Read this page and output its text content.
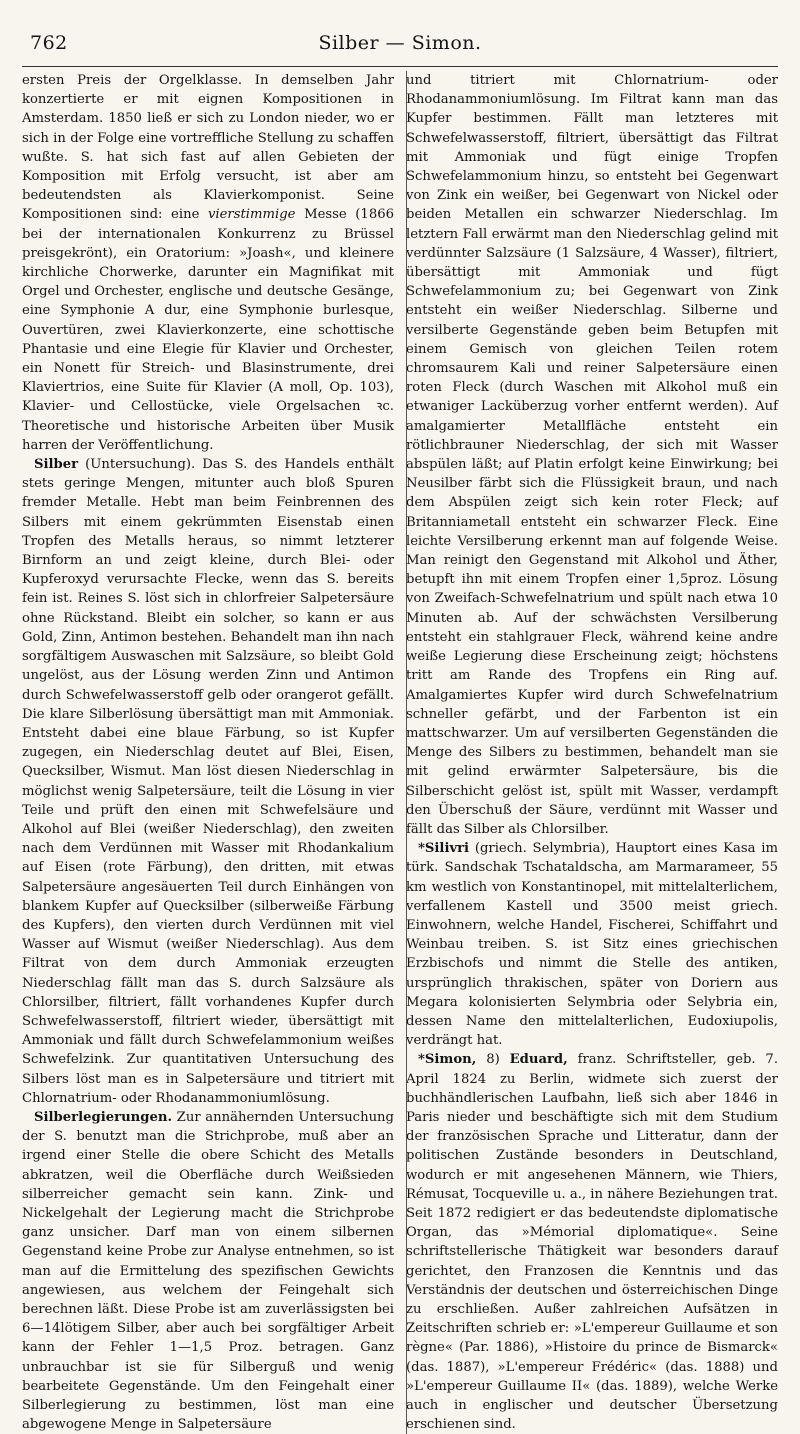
762	Silber — Simon.

ersten Preis der Orgelklasse. In demselben Jahr konzertierte er mit eignen Kompositionen in Amsterdam. 1850 ließ er sich zu London nieder, wo er sich in der Folge eine vortreffliche Stellung zu schaffen wußte. S. hat sich fast auf allen Gebieten der Komposition mit Erfolg versucht, ist aber am bedeutendsten als Klavierkomponist. Seine Kompositionen sind: eine vierstimmige Messe (1866 bei der internationalen Konkurrenz zu Brüssel preisgekrönt), ein Oratorium: »Joash«, und kleinere kirchliche Chorwerke, darunter ein Magnifikat mit Orgel und Orchester, englische und deutsche Gesänge, eine Symphonie A dur, eine Symphonie burlesque, Ouvertüren, zwei Klavierkonzerte, eine schottische Phantasie und eine Elegie für Klavier und Orchester, ein Nonett für Streich- und Blasinstrumente, drei Klaviertrios, eine Suite für Klavier (A moll, Op. 103), Klavier- und Cellostücke, viele Orgelsachen ꝛc. Theoretische und historische Arbeiten über Musik harren der Veröffentlichung.

Silber (Untersuchung). Das S. des Handels enthält stets geringe Mengen, mitunter auch bloß Spuren fremder Metalle. Hebt man beim Feinbrennen des Silbers mit einem gekrümmten Eisenstab einen Tropfen des Metalls heraus, so nimmt letzterer Birnform an und zeigt kleine, durch Blei- oder Kupferoxyd verursachte Flecke, wenn das S. bereits fein ist. Reines S. löst sich in chlorfreier Salpetersäure ohne Rückstand. Bleibt ein solcher, so kann er aus Gold, Zinn, Antimon bestehen. Behandelt man ihn nach sorgfältigem Auswaschen mit Salzsäure, so bleibt Gold ungelöst, aus der Lösung werden Zinn und Antimon durch Schwefelwasserstoff gelb oder orangerot gefällt. Die klare Silberlösung übersättigt man mit Ammoniak. Entsteht dabei eine blaue Färbung, so ist Kupfer zugegen, ein Niederschlag deutet auf Blei, Eisen, Quecksilber, Wismut. Man löst diesen Niederschlag in möglichst wenig Salpetersäure, teilt die Lösung in vier Teile und prüft den einen mit Schwefelsäure und Alkohol auf Blei (weißer Niederschlag), den zweiten nach dem Verdünnen mit Wasser mit Rhodankalium auf Eisen (rote Färbung), den dritten, mit etwas Salpetersäure angesäuerten Teil durch Einhängen von blankem Kupfer auf Quecksilber (silberweiße Färbung des Kupfers), den vierten durch Verdünnen mit viel Wasser auf Wismut (weißer Niederschlag). Aus dem Filtrat von dem durch Ammoniak erzeugten Niederschlag fällt man das S. durch Salzsäure als Chlorsilber, filtriert, fällt vorhandenes Kupfer durch Schwefelwasserstoff, filtriert wieder, übersättigt mit Ammoniak und fällt durch Schwefelammonium weißes Schwefelzink. Zur quantitativen Untersuchung des Silbers löst man es in Salpetersäure und titriert mit Chlornatrium- oder Rhodanammoniumlösung.

Silberlegierungen. Zur annähernden Untersuchung der S. benutzt man die Strichprobe, muß aber an irgend einer Stelle die obere Schicht des Metalls abkratzen, weil die Oberfläche durch Weißsieden silberreicher gemacht sein kann. Zink- und Nickelgehalt der Legierung macht die Strichprobe ganz unsicher. Darf man von einem silbernen Gegenstand keine Probe zur Analyse entnehmen, so ist man auf die Ermittelung des spezifischen Gewichts angewiesen, aus welchem der Feingehalt sich berechnen läßt. Diese Probe ist am zuverlässigsten bei 6—14lötigem Silber, aber auch bei sorgfältiger Arbeit kann der Fehler 1—1,5 Proz. betragen. Ganz unbrauchbar ist sie für Silberguß und wenig bearbeitete Gegenstände. Um den Feingehalt einer Silberlegierung zu bestimmen, löst man eine abgewogene Menge in Salpetersäure

und titriert mit Chlornatrium- oder Rhodanammoniumlösung. Im Filtrat kann man das Kupfer bestimmen. Fällt man letzteres mit Schwefelwasserstoff, filtriert, übersättigt das Filtrat mit Ammoniak und fügt einige Tropfen Schwefelammonium hinzu, so entsteht bei Gegenwart von Zink ein weißer, bei Gegenwart von Nickel oder beiden Metallen ein schwarzer Niederschlag. Im letztern Fall erwärmt man den Niederschlag gelind mit verdünnter Salzsäure (1 Salzsäure, 4 Wasser), filtriert, übersättigt mit Ammoniak und fügt Schwefelammonium zu; bei Gegenwart von Zink entsteht ein weißer Niederschlag. Silberne und versilberte Gegenstände geben beim Betupfen mit einem Gemisch von gleichen Teilen rotem chromsaurem Kali und reiner Salpetersäure einen roten Fleck (durch Waschen mit Alkohol muß ein etwaniger Lacküberzug vorher entfernt werden). Auf amalgamierter Metallfläche entsteht ein rötlichbrauner Niederschlag, der sich mit Wasser abspülen läßt; auf Platin erfolgt keine Einwirkung; bei Neusilber färbt sich die Flüssigkeit braun, und nach dem Abspülen zeigt sich kein roter Fleck; auf Britanniametall entsteht ein schwarzer Fleck. Eine leichte Versilberung erkennt man auf folgende Weise. Man reinigt den Gegenstand mit Alkohol und Äther, betupft ihn mit einem Tropfen einer 1,5proz. Lösung von Zweifach-Schwefelnatrium und spült nach etwa 10 Minuten ab. Auf der schwächsten Versilberung entsteht ein stahlgrauer Fleck, während keine andre weiße Legierung diese Erscheinung zeigt; höchstens tritt am Rande des Tropfens ein Ring auf. Amalgamiertes Kupfer wird durch Schwefelnatrium schneller gefärbt, und der Farbenton ist ein mattschwarzer. Um auf versilberten Gegenständen die Menge des Silbers zu bestimmen, behandelt man sie mit gelind erwärmter Salpetersäure, bis die Silberschicht gelöst ist, spült mit Wasser, verdampft den Überschuß der Säure, verdünnt mit Wasser und fällt das Silber als Chlorsilber.

*Silivri (griech. Selymbria), Hauptort eines Kasa im türk. Sandschak Tschataldscha, am Marmarameer, 55 km westlich von Konstantinopel, mit mittelalterlichem, verfallenem Kastell und 3500 meist griech. Einwohnern, welche Handel, Fischerei, Schiffahrt und Weinbau treiben. S. ist Sitz eines griechischen Erzbischofs und nimmt die Stelle des antiken, ursprünglich thrakischen, später von Doriern aus Megara kolonisierten Selymbria oder Selybria ein, dessen Name den mittelalterlichen, Eudoxiupolis, verdrängt hat.

*Simon, 8) Eduard, franz. Schriftsteller, geb. 7. April 1824 zu Berlin, widmete sich zuerst der buchhändlerischen Laufbahn, ließ sich aber 1846 in Paris nieder und beschäftigte sich mit dem Studium der französischen Sprache und Litteratur, dann der politischen Zustände besonders in Deutschland, wodurch er mit angesehenen Männern, wie Thiers, Rémusat, Tocqueville u. a., in nähere Beziehungen trat. Seit 1872 redigiert er das bedeutendste diplomatische Organ, das »Mémorial diplomatique«. Seine schriftstellerische Thätigkeit war besonders darauf gerichtet, den Franzosen die Kenntnis und das Verständnis der deutschen und österreichischen Dinge zu erschließen. Außer zahlreichen Aufsätzen in Zeitschriften schrieb er: »L'empereur Guillaume et son règne« (Par. 1886), »Histoire du prince de Bismarck« (das. 1887), »L'empereur Frédéric« (das. 1888) und »L'empereur Guillaume II« (das. 1889), welche Werke auch in englischer und deutscher Übersetzung erschienen sind.
